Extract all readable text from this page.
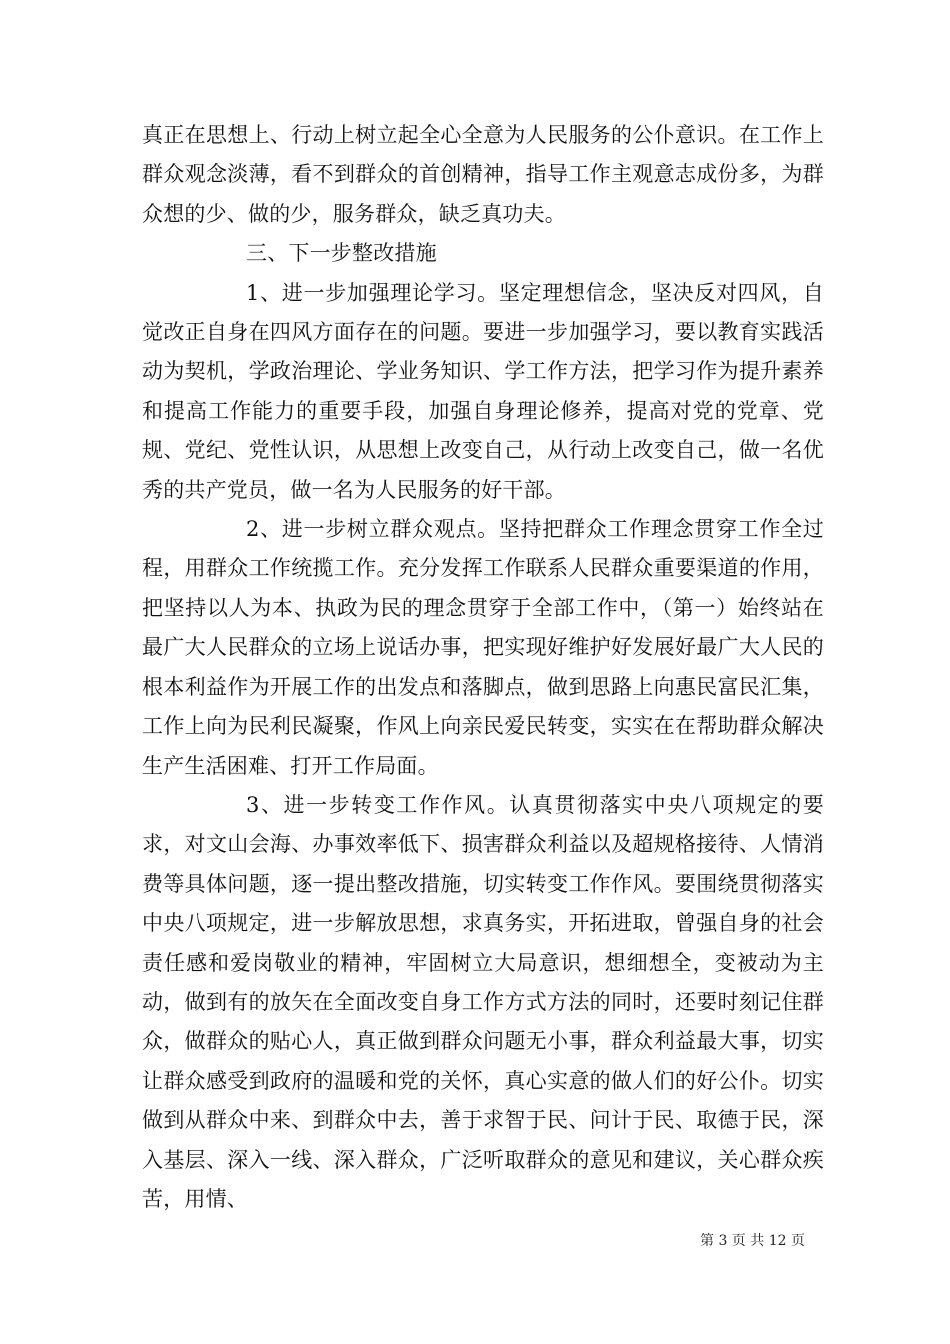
真正在思想上、行动上树立起全心全意为人民服务的公仆意识。在工作上群众观念淡薄，看不到群众的首创精神，指导工作主观意志成份多，为群众想的少、做的少，服务群众，缺乏真功夫。

三、下一步整改措施

1、进一步加强理论学习。坚定理想信念，坚决反对四风，自觉改正自身在四风方面存在的问题。要进一步加强学习，要以教育实践活动为契机，学政治理论、学业务知识、学工作方法，把学习作为提升素养和提高工作能力的重要手段，加强自身理论修养，提高对党的党章、党规、党纪、党性认识，从思想上改变自己，从行动上改变自己，做一名优秀的共产党员，做一名为人民服务的好干部。

2、进一步树立群众观点。坚持把群众工作理念贯穿工作全过程，用群众工作统揽工作。充分发挥工作联系人民群众重要渠道的作用，把坚持以人为本、执政为民的理念贯穿于全部工作中，（第一）始终站在最广大人民群众的立场上说话办事，把实现好维护好发展好最广大人民的根本利益作为开展工作的出发点和落脚点，做到思路上向惠民富民汇集，工作上向为民利民凝聚，作风上向亲民爱民转变，实实在在帮助群众解决生产生活困难、打开工作局面。

3、进一步转变工作作风。认真贯彻落实中央八项规定的要求，对文山会海、办事效率低下、损害群众利益以及超规格接待、人情消费等具体问题，逐一提出整改措施，切实转变工作作风。要围绕贯彻落实中央八项规定，进一步解放思想，求真务实，开拓进取，曾强自身的社会责任感和爱岗敬业的精神，牢固树立大局意识，想细想全，变被动为主动，做到有的放矢在全面改变自身工作方式方法的同时，还要时刻记住群众，做群众的贴心人，真正做到群众问题无小事，群众利益最大事，切实让群众感受到政府的温暖和党的关怀，真心实意的做人们的好公仆。切实做到从群众中来、到群众中去，善于求智于民、问计于民、取德于民，深入基层、深入一线、深入群众，广泛听取群众的意见和建议，关心群众疾苦，用情、

第 3 页 共 12 页
